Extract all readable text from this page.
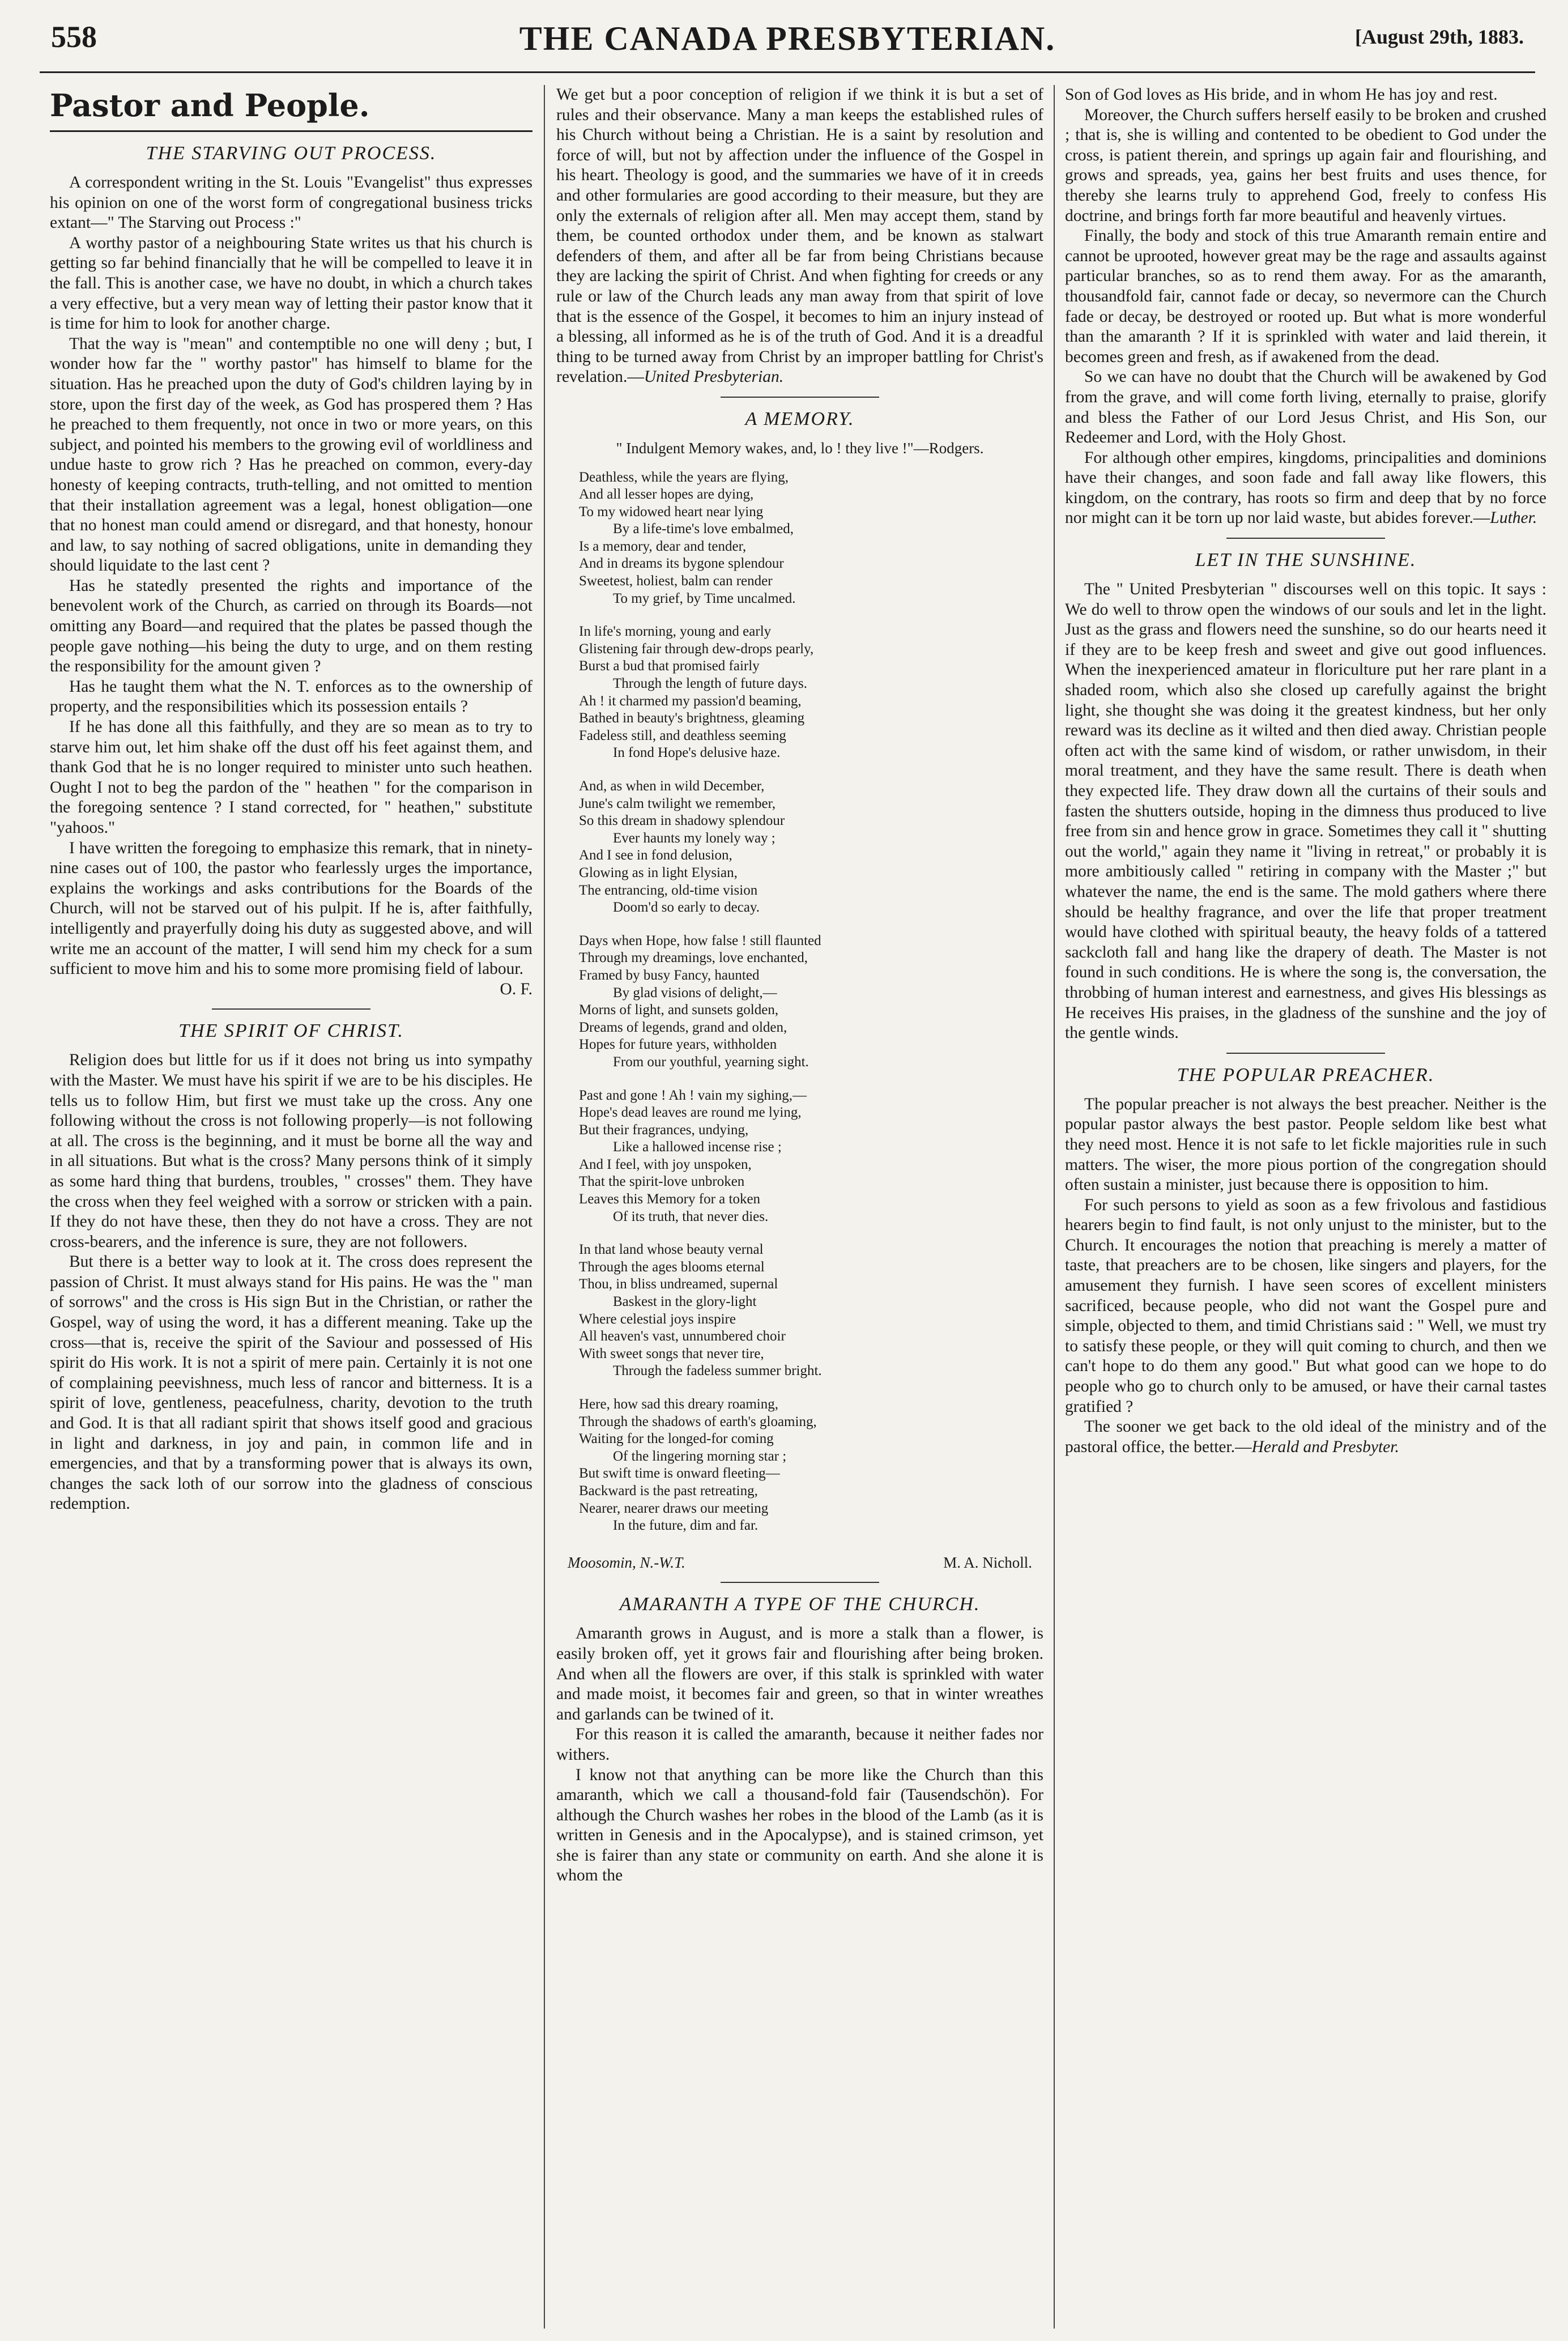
558	THE CANADA PRESBYTERIAN.	[August 29th, 1883.
Pastor and People.
THE STARVING OUT PROCESS.

A correspondent writing in the St. Louis "Evangelist" thus expresses his opinion on one of the worst form of congregational business tricks extant—" The Starving out Process :"

A worthy pastor of a neighbouring State writes us that his church is getting so far behind financially that he will be compelled to leave it in the fall. This is another case, we have no doubt, in which a church takes a very effective, but a very mean way of letting their pastor know that it is time for him to look for another charge.

That the way is "mean" and contemptible no one will deny ; but, I wonder how far the " worthy pastor" has himself to blame for the situation. Has he preached upon the duty of God's children laying by in store, upon the first day of the week, as God has prospered them ? Has he preached to them frequently, not once in two or more years, on this subject, and pointed his members to the growing evil of worldliness and undue haste to grow rich ? Has he preached on common, every-day honesty of keeping contracts, truth-telling, and not omitted to mention that their installation agreement was a legal, honest obligation—one that no honest man could amend or disregard, and that honesty, honour and law, to say nothing of sacred obligations, unite in demanding they should liquidate to the last cent ?

Has he statedly presented the rights and importance of the benevolent work of the Church, as carried on through its Boards—not omitting any Board—and required that the plates be passed though the people gave nothing—his being the duty to urge, and on them resting the responsibility for the amount given ?

Has he taught them what the N. T. enforces as to the ownership of property, and the responsibilities which its possession entails ?

If he has done all this faithfully, and they are so mean as to try to starve him out, let him shake off the dust off his feet against them, and thank God that he is no longer required to minister unto such heathen. Ought I not to beg the pardon of the " heathen " for the comparison in the foregoing sentence ? I stand corrected, for " heathen," substitute "yahoos."

I have written the foregoing to emphasize this remark, that in ninety-nine cases out of 100, the pastor who fearlessly urges the importance, explains the workings and asks contributions for the Boards of the Church, will not be starved out of his pulpit. If he is, after faithfully, intelligently and prayerfully doing his duty as suggested above, and will write me an account of the matter, I will send him my check for a sum sufficient to move him and his to some more promising field of labour.

O. F.

THE SPIRIT OF CHRIST.

Religion does but little for us if it does not bring us into sympathy with the Master. We must have his spirit if we are to be his disciples. He tells us to follow Him, but first we must take up the cross. Any one following without the cross is not following properly—is not following at all. The cross is the beginning, and it must be borne all the way and in all situations. But what is the cross? Many persons think of it simply as some hard thing that burdens, troubles, " crosses" them. They have the cross when they feel weighed with a sorrow or stricken with a pain. If they do not have these, then they do not have a cross. They are not cross-bearers, and the inference is sure, they are not followers.

But there is a better way to look at it. The cross does represent the passion of Christ. It must always stand for His pains. He was the " man of sorrows" and the cross is His sign But in the Christian, or rather the Gospel, way of using the word, it has a different meaning. Take up the cross—that is, receive the spirit of the Saviour and possessed of His spirit do His work. It is not a spirit of mere pain. Certainly it is not one of complaining peevishness, much less of rancor and bitterness. It is a spirit of love, gentleness, peacefulness, charity, devotion to the truth and God. It is that all radiant spirit that shows itself good and gracious in light and darkness, in joy and pain, in common life and in emergencies, and that by a transforming power that is always its own, changes the sack loth of our sorrow into the gladness of conscious redemption.

We get but a poor conception of religion if we think it is but a set of rules and their observance. Many a man keeps the established rules of his Church without being a Christian. He is a saint by resolution and force of will, but not by affection under the influence of the Gospel in his heart. Theology is good, and the summaries we have of it in creeds and other formularies are good according to their measure, but they are only the externals of religion after all. Men may accept them, stand by them, be counted orthodox under them, and be known as stalwart defenders of them, and after all be far from being Christians because they are lacking the spirit of Christ. And when fighting for creeds or any rule or law of the Church leads any man away from that spirit of love that is the essence of the Gospel, it becomes to him an injury instead of a blessing, all informed as he is of the truth of God. And it is a dreadful thing to be turned away from Christ by an improper battling for Christ's revelation.—United Presbyterian.

A MEMORY.

" Indulgent Memory wakes, and, lo ! they live !"—Rodgers.

Deathless, while the years are flying,
And all lesser hopes are dying,
To my widowed heart near lying
By a life-time's love embalmed,
Is a memory, dear and tender,
And in dreams its bygone splendour
Sweetest, holiest, balm can render
To my grief, by Time uncalmed.
In life's morning, young and early
Glistening fair through dew-drops pearly,
Burst a bud that promised fairly
Through the length of future days.
Ah ! it charmed my passion'd beaming,
Bathed in beauty's brightness, gleaming
Fadeless still, and deathless seeming
In fond Hope's delusive haze.
And, as when in wild December,
June's calm twilight we remember,
So this dream in shadowy splendour
Ever haunts my lonely way ;
And I see in fond delusion,
Glowing as in light Elysian,
The entrancing, old-time vision
Doom'd so early to decay.
Days when Hope, how false ! still flaunted
Through my dreamings, love enchanted,
Framed by busy Fancy, haunted
By glad visions of delight,—
Morns of light, and sunsets golden,
Dreams of legends, grand and olden,
Hopes for future years, withholden
From our youthful, yearning sight.
Past and gone ! Ah ! vain my sighing,—
Hope's dead leaves are round me lying,
But their fragrances, undying,
Like a hallowed incense rise ;
And I feel, with joy unspoken,
That the spirit-love unbroken
Leaves this Memory for a token
Of its truth, that never dies.
In that land whose beauty vernal
Through the ages blooms eternal
Thou, in bliss undreamed, supernal
Baskest in the glory-light
Where celestial joys inspire
All heaven's vast, unnumbered choir
With sweet songs that never tire,
Through the fadeless summer bright.
Here, how sad this dreary roaming,
Through the shadows of earth's gloaming,
Waiting for the longed-for coming
Of the lingering morning star ;
But swift time is onward fleeting—
Backward is the past retreating,
Nearer, nearer draws our meeting
In the future, dim and far.
Moosomin, N.-W.T.	M. A. Nicholl.
AMARANTH A TYPE OF THE CHURCH.

Amaranth grows in August, and is more a stalk than a flower, is easily broken off, yet it grows fair and flourishing after being broken. And when all the flowers are over, if this stalk is sprinkled with water and made moist, it becomes fair and green, so that in winter wreathes and garlands can be twined of it.

For this reason it is called the amaranth, because it neither fades nor withers.

I know not that anything can be more like the Church than this amaranth, which we call a thousand-fold fair (Tausendschön). For although the Church washes her robes in the blood of the Lamb (as it is written in Genesis and in the Apocalypse), and is stained crimson, yet she is fairer than any state or community on earth. And she alone it is whom the

Son of God loves as His bride, and in whom He has joy and rest.

Moreover, the Church suffers herself easily to be broken and crushed ; that is, she is willing and contented to be obedient to God under the cross, is patient therein, and springs up again fair and flourishing, and grows and spreads, yea, gains her best fruits and uses thence, for thereby she learns truly to apprehend God, freely to confess His doctrine, and brings forth far more beautiful and heavenly virtues.

Finally, the body and stock of this true Amaranth remain entire and cannot be uprooted, however great may be the rage and assaults against particular branches, so as to rend them away. For as the amaranth, thousandfold fair, cannot fade or decay, so nevermore can the Church fade or decay, be destroyed or rooted up. But what is more wonderful than the amaranth ? If it is sprinkled with water and laid therein, it becomes green and fresh, as if awakened from the dead.

So we can have no doubt that the Church will be awakened by God from the grave, and will come forth living, eternally to praise, glorify and bless the Father of our Lord Jesus Christ, and His Son, our Redeemer and Lord, with the Holy Ghost.

For although other empires, kingdoms, principalities and dominions have their changes, and soon fade and fall away like flowers, this kingdom, on the contrary, has roots so firm and deep that by no force nor might can it be torn up nor laid waste, but abides forever.—Luther.

LET IN THE SUNSHINE.

The " United Presbyterian " discourses well on this topic. It says : We do well to throw open the windows of our souls and let in the light. Just as the grass and flowers need the sunshine, so do our hearts need it if they are to be keep fresh and sweet and give out good influences. When the inexperienced amateur in floriculture put her rare plant in a shaded room, which also she closed up carefully against the bright light, she thought she was doing it the greatest kindness, but her only reward was its decline as it wilted and then died away. Christian people often act with the same kind of wisdom, or rather unwisdom, in their moral treatment, and they have the same result. There is death when they expected life. They draw down all the curtains of their souls and fasten the shutters outside, hoping in the dimness thus produced to live free from sin and hence grow in grace. Sometimes they call it " shutting out the world," again they name it "living in retreat," or probably it is more ambitiously called " retiring in company with the Master ;" but whatever the name, the end is the same. The mold gathers where there should be healthy fragrance, and over the life that proper treatment would have clothed with spiritual beauty, the heavy folds of a tattered sackcloth fall and hang like the drapery of death. The Master is not found in such conditions. He is where the song is, the conversation, the throbbing of human interest and earnestness, and gives His blessings as He receives His praises, in the gladness of the sunshine and the joy of the gentle winds.

THE POPULAR PREACHER.

The popular preacher is not always the best preacher. Neither is the popular pastor always the best pastor. People seldom like best what they need most. Hence it is not safe to let fickle majorities rule in such matters. The wiser, the more pious portion of the congregation should often sustain a minister, just because there is opposition to him.

For such persons to yield as soon as a few frivolous and fastidious hearers begin to find fault, is not only unjust to the minister, but to the Church. It encourages the notion that preaching is merely a matter of taste, that preachers are to be chosen, like singers and players, for the amusement they furnish. I have seen scores of excellent ministers sacrificed, because people, who did not want the Gospel pure and simple, objected to them, and timid Christians said : " Well, we must try to satisfy these people, or they will quit coming to church, and then we can't hope to do them any good." But what good can we hope to do people who go to church only to be amused, or have their carnal tastes gratified ?

The sooner we get back to the old ideal of the ministry and of the pastoral office, the better.—Herald and Presbyter.
